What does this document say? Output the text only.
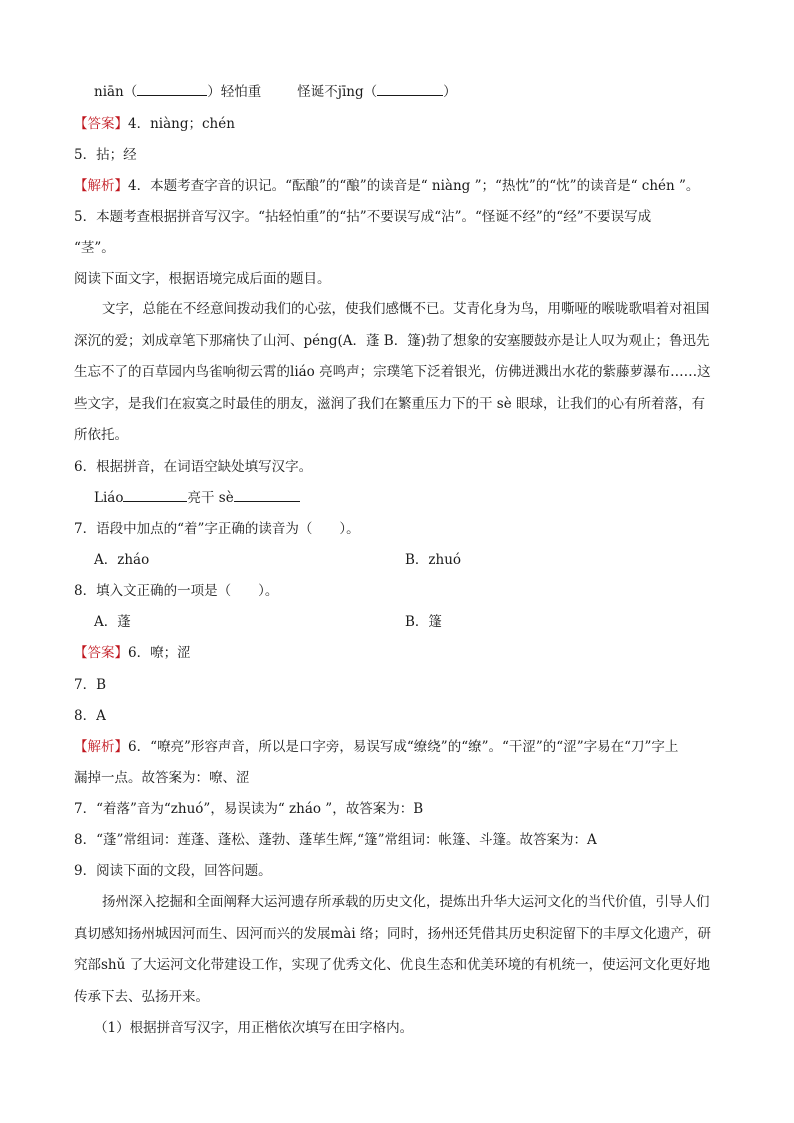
niān（	）轻怕重	怪诞不jīng（	）
【答案】4．niàng；chén
5．拈；经
【解析】4．本题考查字音的识记。“酝酿”的“酿”的读音是“ niàng ”；“热忱”的“忱”的读音是“ chén ”。
5．本题考查根据拼音写汉字。“拈轻怕重”的“拈”不要误写成“沾”。“怪诞不经”的“经”不要误写成
“茎”。
阅读下面文字，根据语境完成后面的题目。
文字，总能在不经意间拨动我们的心弦，使我们感慨不已。艾青化身为鸟，用嘶哑的喉咙歌唱着对祖国深沉的爱；刘成章笔下那痛快了山河、péng(A．蓬 B．篷)勃了想象的安塞腰鼓亦是让人叹为观止；鲁迅先生忘不了的百草园内鸟雀响彻云霄的liáo 亮鸣声；宗璞笔下泛着银光，仿佛迸溅出水花的紫藤萝瀑布……这些文字，是我们在寂寞之时最佳的朋友，滋润了我们在繁重压力下的干 sè 眼球，让我们的心有所着落，有所依托。
6．根据拼音，在词语空缺处填写汉字。
Liáo	亮干 sè
7．语段中加点的“着”字正确的读音为（　　）。
A．zháo	B．zhuó
8．填入文正确的一项是（　　）。
A．蓬	B．篷
【答案】6．嘹；涩
7．B
8．A
【解析】6．“嘹亮”形容声音，所以是口字旁，易误写成“缭绕”的“缭”。“干涩”的“涩”字易在“刀”字上
漏掉一点。故答案为：嘹、涩
7．“着落”音为“zhuó”，易误读为“ zháo ”，故答案为：B
8．“蓬”常组词：莲蓬、蓬松、蓬勃、蓬荜生辉,“篷”常组词：帐篷、斗篷。故答案为：A
9．阅读下面的文段，回答问题。
扬州深入挖掘和全面阐释大运河遗存所承载的历史文化，提炼出升华大运河文化的当代价值，引导人们真切感知扬州城因河而生、因河而兴的发展mài 络；同时，扬州还凭借其历史积淀留下的丰厚文化遗产，研究部shǔ 了大运河文化带建设工作，实现了优秀文化、优良生态和优美环境的有机统一，使运河文化更好地传承下去、弘扬开来。
（1）根据拼音写汉字，用正楷依次填写在田字格内。
